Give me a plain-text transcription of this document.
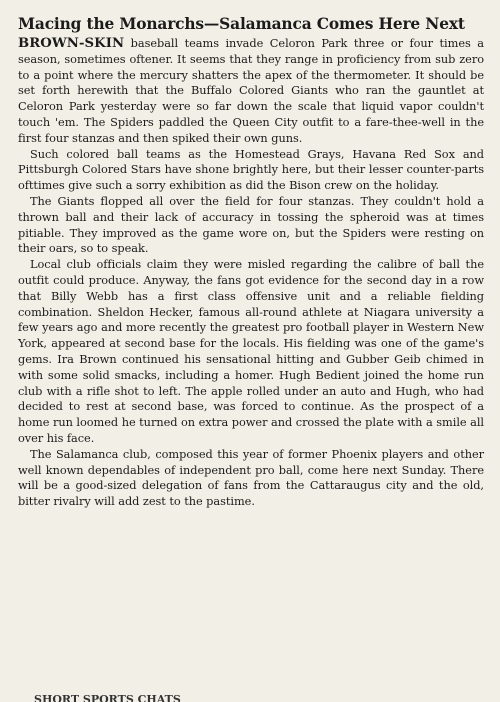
Macing the Monarchs—Salamanca Comes Here Next

BROWN-SKIN baseball teams invade Celoron Park three or four times a season, sometimes oftener. It seems that they range in proficiency from sub zero to a point where the mercury shatters the apex of the thermometer. It should be set forth herewith that the Buffalo Colored Giants who ran the gauntlet at Celoron Park yesterday were so far down the scale that liquid vapor couldn't touch 'em. The Spiders paddled the Queen City outfit to a fare-thee-well in the first four stanzas and then spiked their own guns.

Such colored ball teams as the Homestead Grays, Havana Red Sox and Pittsburgh Colored Stars have shone brightly here, but their lesser counter-parts ofttimes give such a sorry exhibition as did the Bison crew on the holiday.

The Giants flopped all over the field for four stanzas. They couldn't hold a thrown ball and their lack of accuracy in tossing the spheroid was at times pitiable. They improved as the game wore on, but the Spiders were resting on their oars, so to speak.

Local club officials claim they were misled regarding the calibre of ball the outfit could produce. Anyway, the fans got evidence for the second day in a row that Billy Webb has a first class offensive unit and a reliable fielding combination. Sheldon Hecker, famous all-round athlete at Niagara university a few years ago and more recently the greatest pro football player in Western New York, appeared at second base for the locals. His fielding was one of the game's gems. Ira Brown continued his sensational hitting and Gubber Geib chimed in with some solid smacks, including a homer. Hugh Bedient joined the home run club with a rifle shot to left. The apple rolled under an auto and Hugh, who had decided to rest at second base, was forced to continue. As the prospect of a home run loomed he turned on extra power and crossed the plate with a smile all over his face.

The Salamanca club, composed this year of former Phoenix players and other well known dependables of independent pro ball, come here next Sunday. There will be a good-sized delegation of fans from the Cattaraugus city and the old, bitter rivalry will add zest to the pastime.

SHORT SPORTS CHATS
